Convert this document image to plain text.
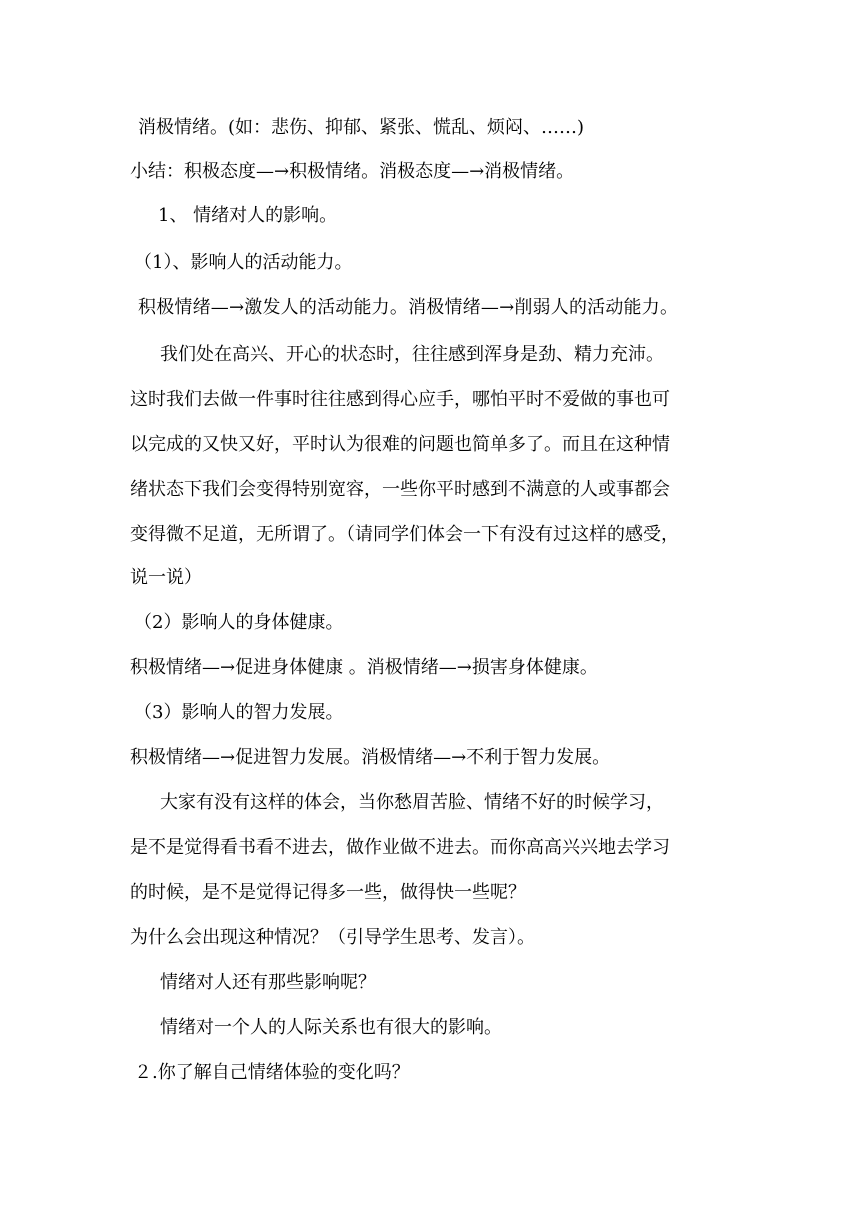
消极情绪。(如：悲伤、抑郁、紧张、慌乱、烦闷、……)
小结：积极态度—→积极情绪。消极态度—→消极情绪。
1、 情绪对人的影响。
（1）、影响人的活动能力。
积极情绪—→激发人的活动能力。消极情绪—→削弱人的活动能力。
我们处在高兴、开心的状态时，往往感到浑身是劲、精力充沛。
这时我们去做一件事时往往感到得心应手，哪怕平时不爱做的事也可
以完成的又快又好，平时认为很难的问题也简单多了。而且在这种情
绪状态下我们会变得特别宽容，一些你平时感到不满意的人或事都会
变得微不足道，无所谓了。（请同学们体会一下有没有过这样的感受，
说一说）
（2）影响人的身体健康。
积极情绪—→促进身体健康 。消极情绪—→损害身体健康。
（3）影响人的智力发展。
积极情绪—→促进智力发展。消极情绪—→不利于智力发展。
大家有没有这样的体会，当你愁眉苦脸、情绪不好的时候学习，
是不是觉得看书看不进去，做作业做不进去。而你高高兴兴地去学习
的时候，是不是觉得记得多一些，做得快一些呢？
为什么会出现这种情况？（引导学生思考、发言）。
情绪对人还有那些影响呢？
情绪对一个人的人际关系也有很大的影响。
２.你了解自己情绪体验的变化吗？
